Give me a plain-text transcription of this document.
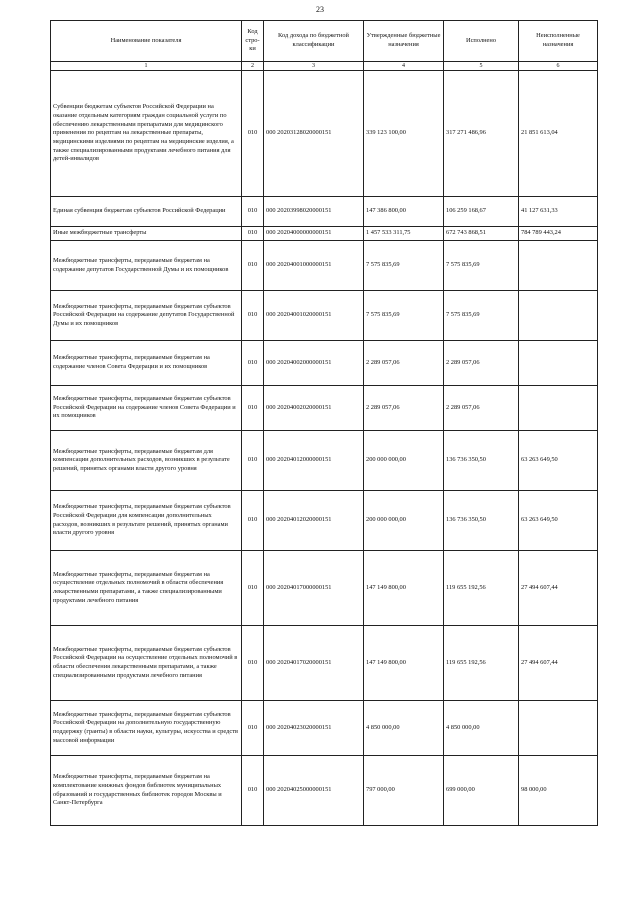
23
Наименование показателя	Код стро-ки	Код дохода по бюджетной классификации	Утвержденные бюджетные назначения	Исполнено	Неисполненные назначения
1	2	3	4	5	6
Субвенции бюджетам субъектов Российской Федерации на оказание отдельным категориям граждан социальной услуги по обеспечению лекарственными препаратами для медицинского применения по рецептам на лекарственные препараты, медицинскими изделиями по рецептам на медицинские изделия, а также специализированными продуктами лечебного питания для детей-инвалидов	010	000 20203128020000151	339 123 100,00	317 271 486,96	21 851 613,04
Единая субвенция бюджетам субъектов Российской Федерации	010	000 20203998020000151	147 386 800,00	106 259 168,67	41 127 631,33
Иные межбюджетные трансферты	010	000 20204000000000151	1 457 533 311,75	672 743 868,51	784 789 443,24
Межбюджетные трансферты, передаваемые бюджетам на содержание депутатов Государственной Думы и их помощников	010	000 20204001000000151	7 575 835,69	7 575 835,69	
Межбюджетные трансферты, передаваемые бюджетам субъектов Российской Федерации на содержание депутатов Государственной Думы и их помощников	010	000 20204001020000151	7 575 835,69	7 575 835,69	
Межбюджетные трансферты, передаваемые бюджетам на содержание членов Совета Федерации и их помощников	010	000 20204002000000151	2 289 057,06	2 289 057,06	
Межбюджетные трансферты, передаваемые бюджетам субъектов Российской Федерации на содержание членов Совета Федерации и их помощников	010	000 20204002020000151	2 289 057,06	2 289 057,06	
Межбюджетные трансферты, передаваемые бюджетам для компенсации дополнительных расходов, возникших в результате решений, принятых органами власти другого уровня	010	000 20204012000000151	200 000 000,00	136 736 350,50	63 263 649,50
Межбюджетные трансферты, передаваемые бюджетам субъектов Российской Федерации для компенсации дополнительных расходов, возникших в результате решений, принятых органами власти другого уровня	010	000 20204012020000151	200 000 000,00	136 736 350,50	63 263 649,50
Межбюджетные трансферты, передаваемые бюджетам на осуществление отдельных полномочий в области обеспечения лекарственными препаратами, а также специализированными продуктами лечебного питания	010	000 20204017000000151	147 149 800,00	119 655 192,56	27 494 607,44
Межбюджетные трансферты, передаваемые бюджетам субъектов Российской Федерации на осуществление отдельных полномочий в области обеспечения лекарственными препаратами, а также специализированными продуктами лечебного питания	010	000 20204017020000151	147 149 800,00	119 655 192,56	27 494 607,44
Межбюджетные трансферты, передаваемые бюджетам субъектов Российской Федерации на дополнительную государственную поддержку (гранты) в области науки, культуры, искусства и средств массовой информации	010	000 20204023020000151	4 850 000,00	4 850 000,00	
Межбюджетные трансферты, передаваемые бюджетам на комплектование книжных фондов библиотек муниципальных образований и государственных библиотек городов Москвы и Санкт-Петербурга	010	000 20204025000000151	797 000,00	699 000,00	98 000,00
